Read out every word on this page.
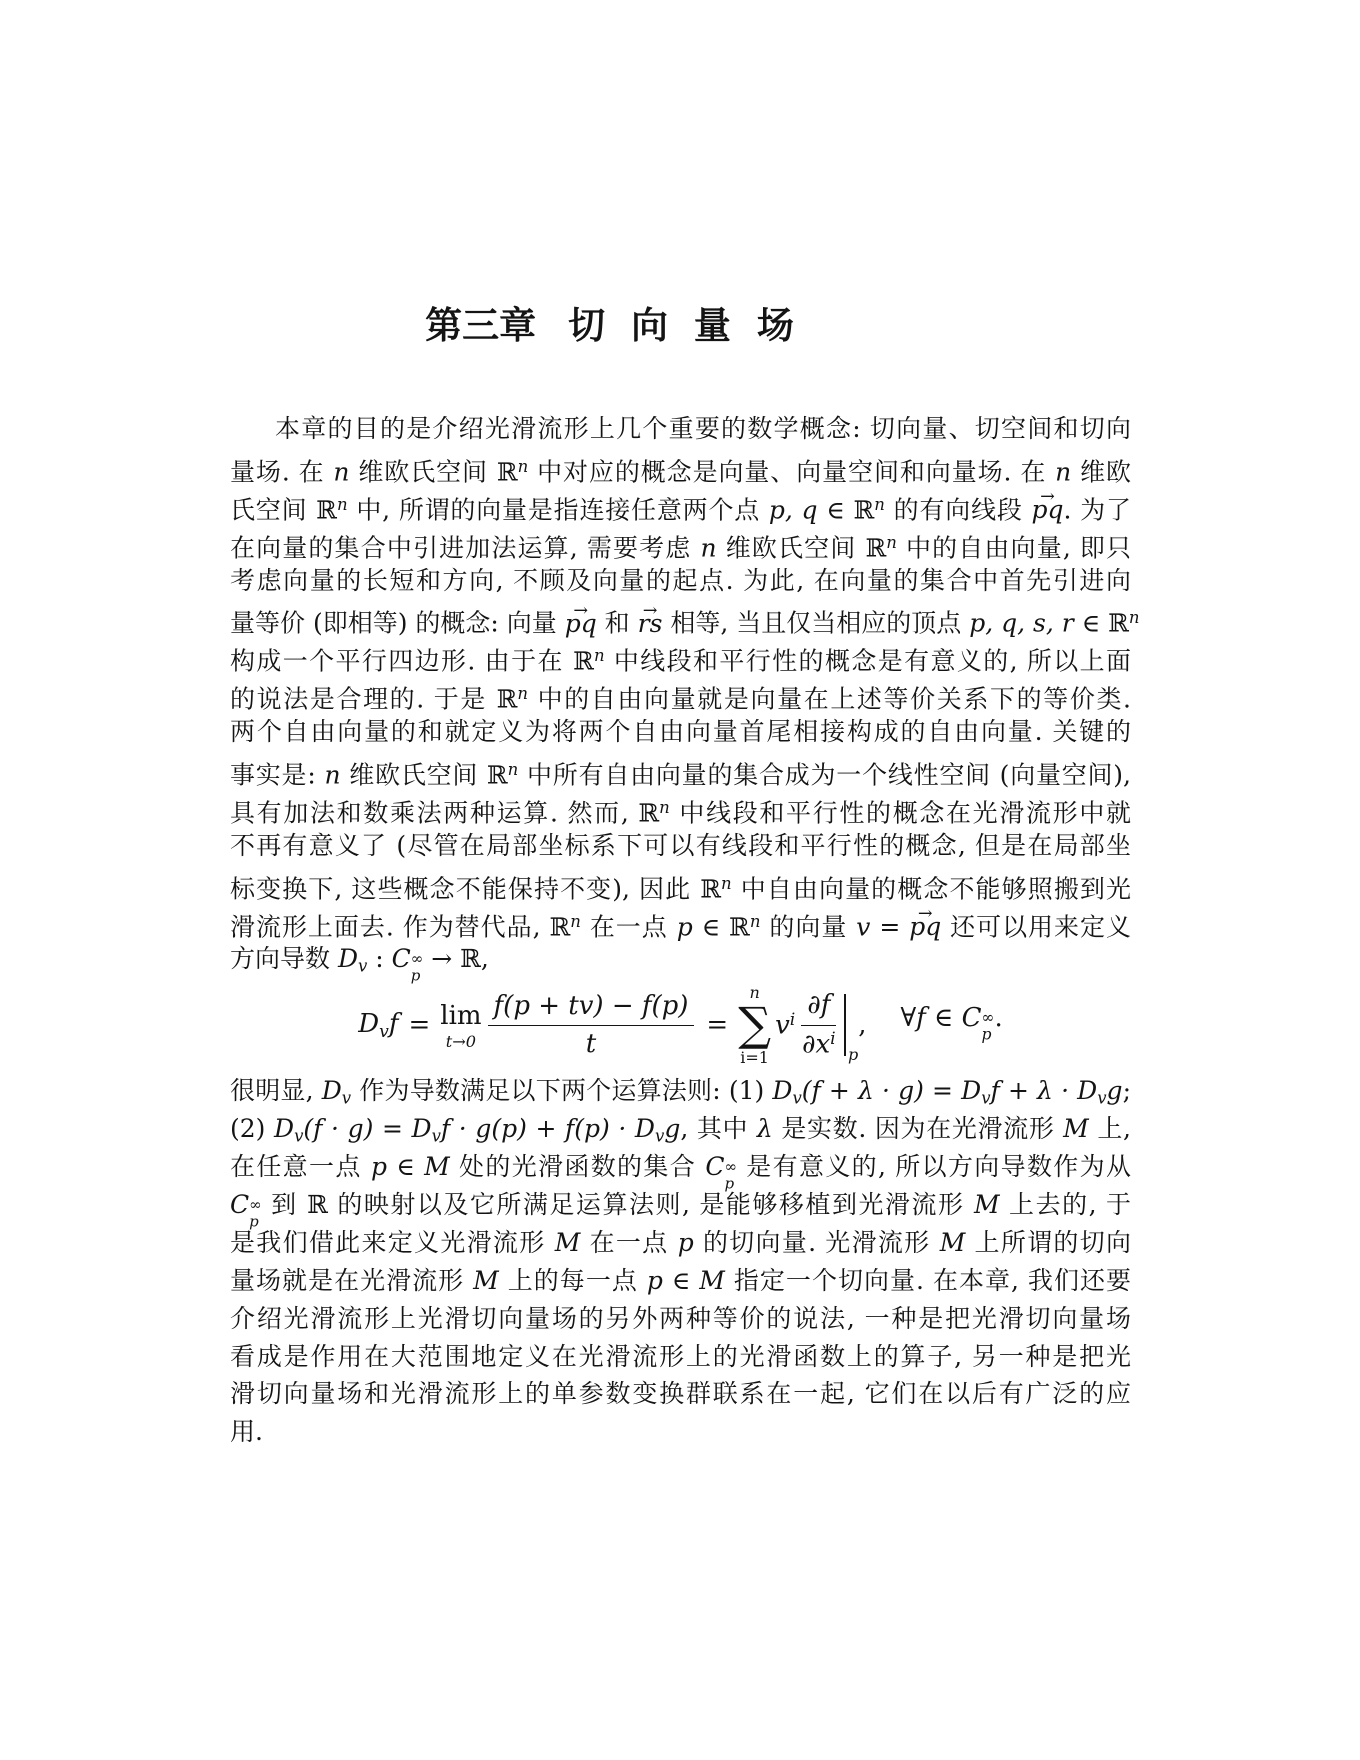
第三章 切 向 量 场
本章的目的是介绍光滑流形上几个重要的数学概念: 切向量、切空间和切向
量场. 在 n 维欧氏空间 ℝ$^n$ 中对应的概念是向量、向量空间和向量场. 在 n 维欧
氏空间 ℝ$^n$ 中, 所谓的向量是指连接任意两个点 p, q ∈ ℝ$^n$ 的有向线段 pq →. 为了
在向量的集合中引进加法运算, 需要考虑 n 维欧氏空间 ℝ$^n$ 中的自由向量, 即只
考虑向量的长短和方向, 不顾及向量的起点. 为此, 在向量的集合中首先引进向
量等价 (即相等) 的概念: 向量 pq → 和 rs → 相等, 当且仅当相应的顶点 p, q, s, r ∈ ℝ$^n$
构成一个平行四边形. 由于在 ℝ$^n$ 中线段和平行性的概念是有意义的, 所以上面
的说法是合理的. 于是 ℝ$^n$ 中的自由向量就是向量在上述等价关系下的等价类.
两个自由向量的和就定义为将两个自由向量首尾相接构成的自由向量. 关键的
事实是: n 维欧氏空间 ℝ$^n$ 中所有自由向量的集合成为一个线性空间 (向量空间),
具有加法和数乘法两种运算. 然而, ℝ$^n$ 中线段和平行性的概念在光滑流形中就
不再有意义了 (尽管在局部坐标系下可以有线段和平行性的概念, 但是在局部坐
标变换下, 这些概念不能保持不变), 因此 ℝ$^n$ 中自由向量的概念不能够照搬到光
滑流形上面去. 作为替代品, ℝ$^n$ 在一点 p ∈ ℝ$^n$ 的向量 v = pq → 还可以用来定义
方向导数 Dv : C ∞
p
→ ℝ,
Dvf = lim
$t\to 0 \frac{f(p + tv) - f(p)}{t}$ =
n
∑
i=1
$v^i \frac{\partial f}{\partial x^i}$ p
, ∀f ∈ C ∞
p
.
很明显, Dv 作为导数满足以下两个运算法则: (1) Dv(f + λ · g) = Dvf + λ · Dvg;
(2) Dv(f · g) = Dvf · g(p) + f(p) · Dvg, 其中 λ 是实数. 因为在光滑流形 M 上,
在任意一点 p ∈ M 处的光滑函数的集合 C ∞
p
是有意义的, 所以方向导数作为从
C ∞
p
到 ℝ 的映射以及它所满足运算法则, 是能够移植到光滑流形 M 上去的, 于
是我们借此来定义光滑流形 M 在一点 p 的切向量. 光滑流形 M 上所谓的切向
量场就是在光滑流形 M 上的每一点 p ∈ M 指定一个切向量. 在本章, 我们还要
介绍光滑流形上光滑切向量场的另外两种等价的说法, 一种是把光滑切向量场
看成是作用在大范围地定义在光滑流形上的光滑函数上的算子, 另一种是把光
滑切向量场和光滑流形上的单参数变换群联系在一起, 它们在以后有广泛的应
用.
